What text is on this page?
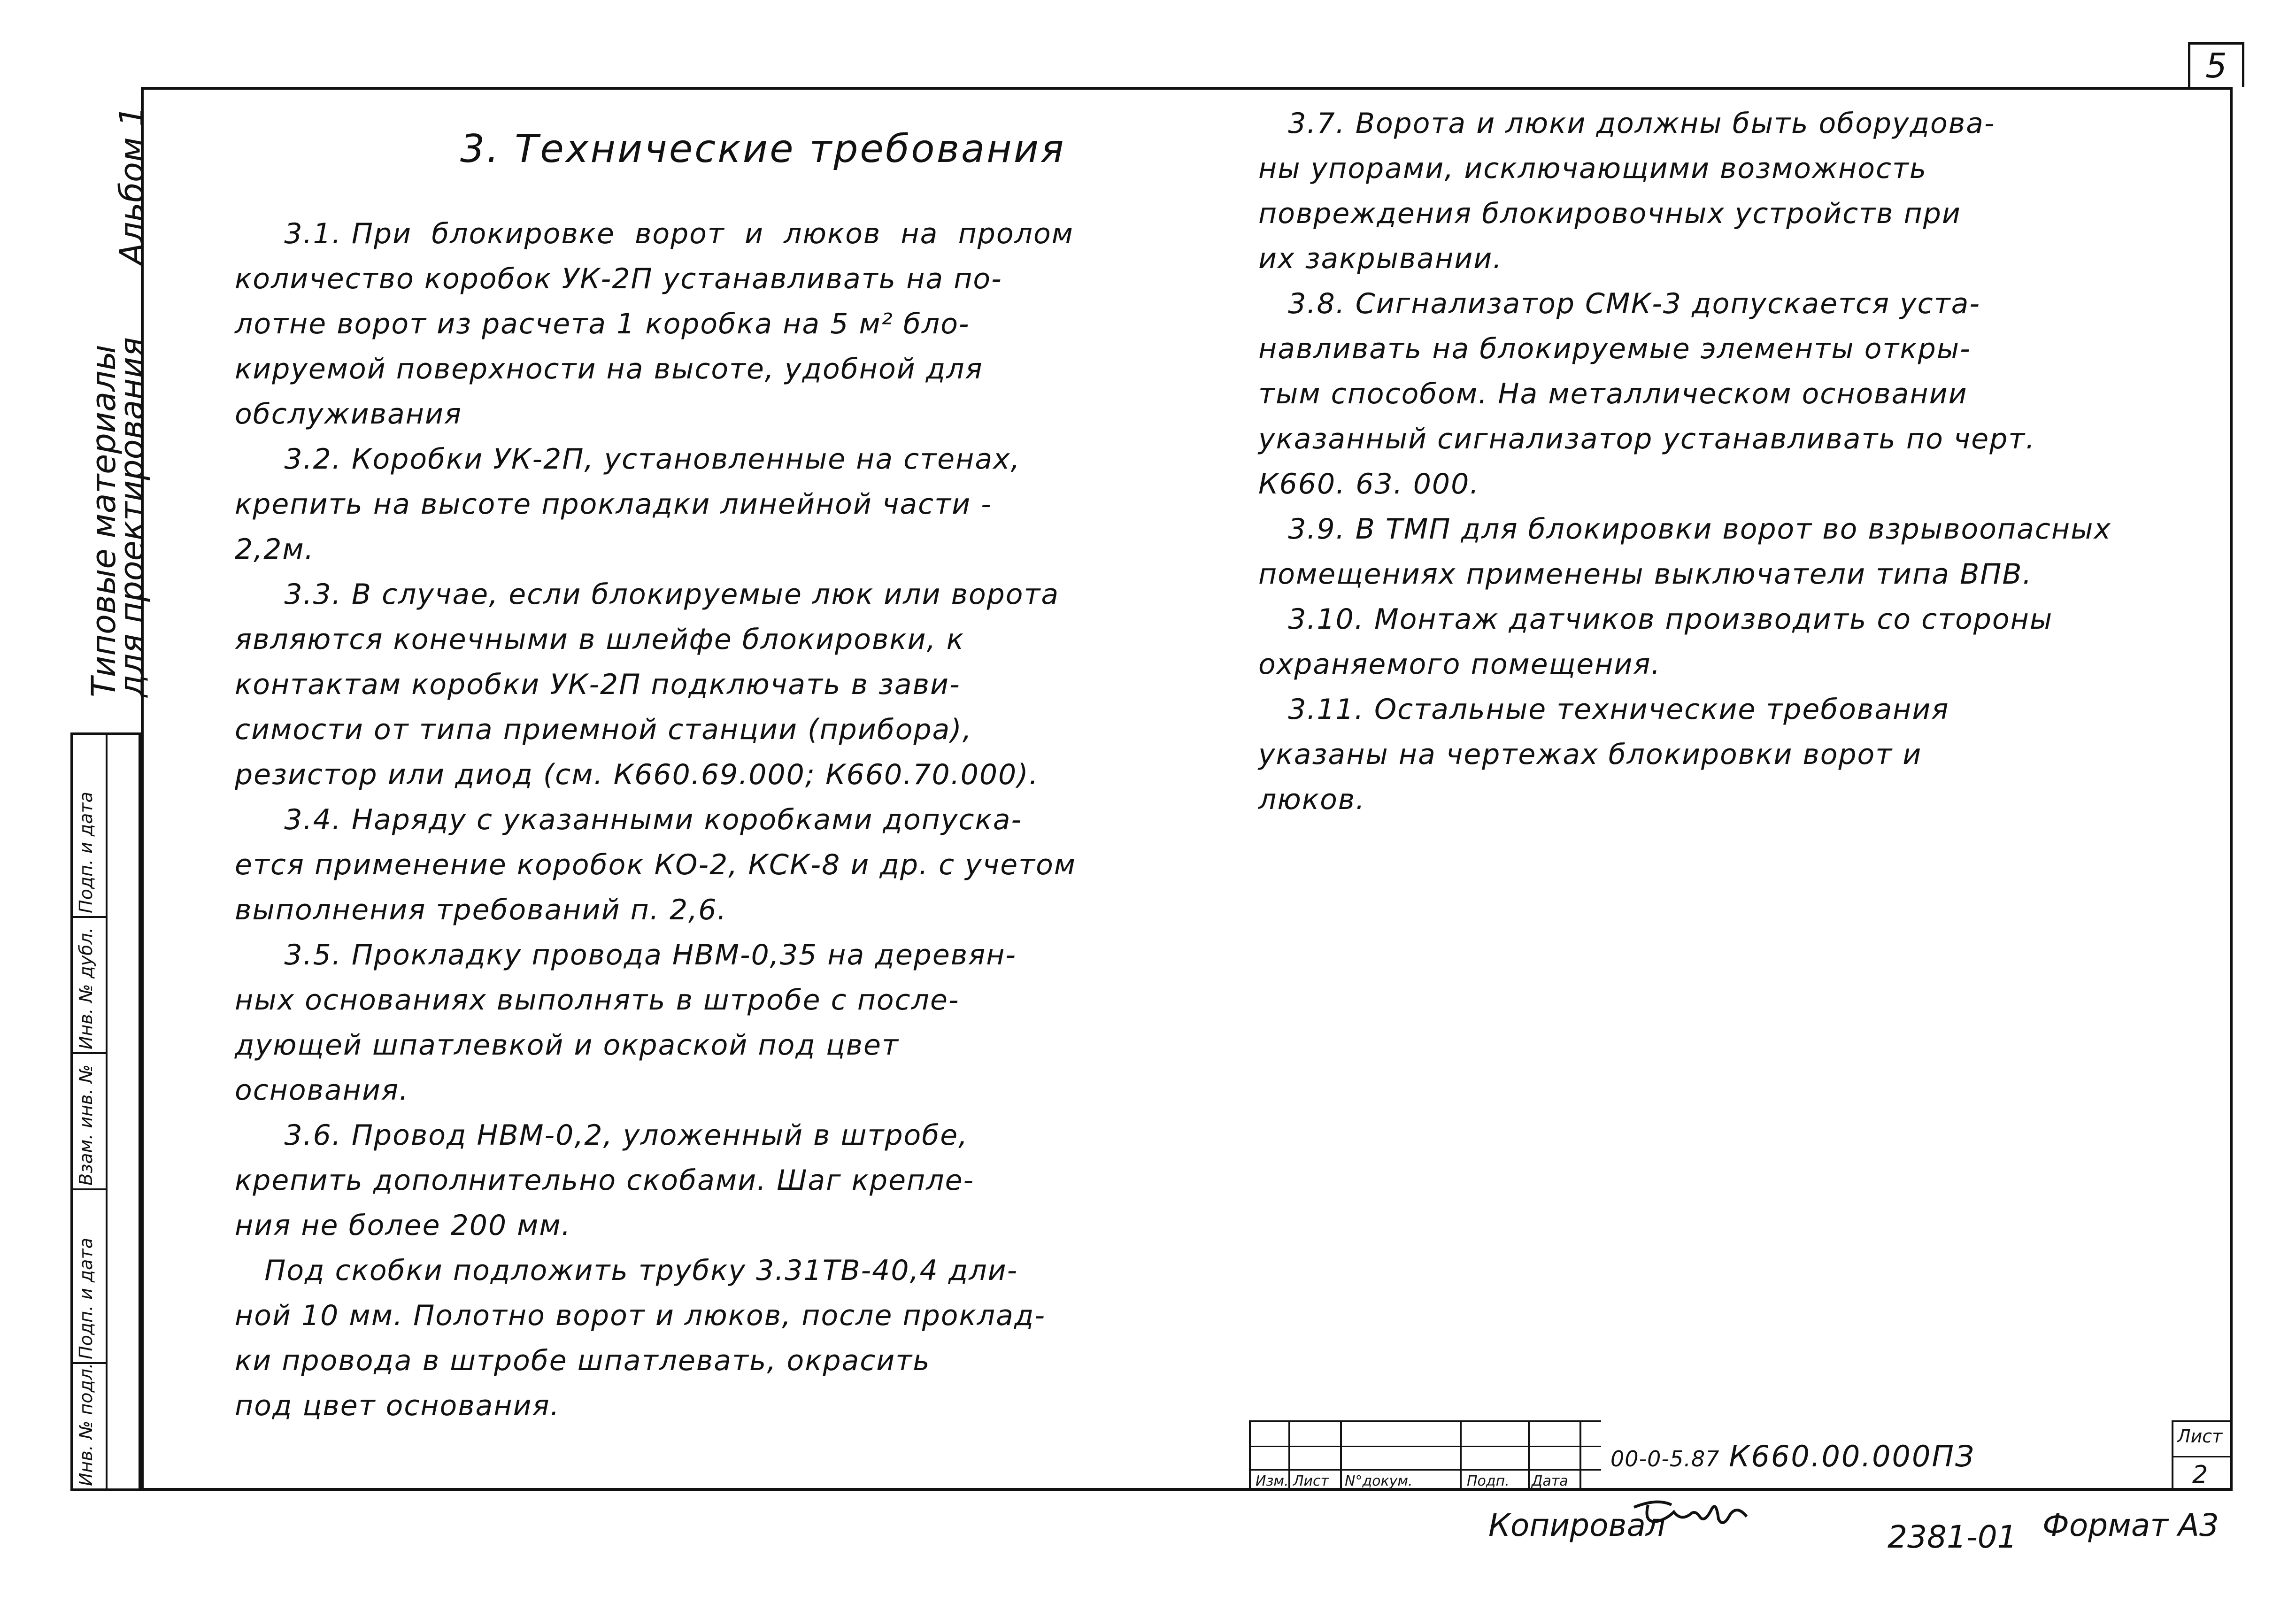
5
Типовые материалы
для проектирования
Альбом 1
Подп. и дата
Инв. № дубл.
Взам. инв. №
Подп. и дата
Инв. № подл.
3. Технические требования

3.1. При  блокировке  ворот  и  люков  на  пролом

количество коробок УК-2П устанавливать на по-

лотне ворот из расчета 1 коробка на 5 м² бло-

кируемой поверхности на высоте, удобной для

обслуживания

3.2. Коробки УК-2П, установленные на стенах,

крепить на высоте прокладки линейной части -

2,2м.

3.3. В случае, если блокируемые люк или ворота

являются конечными в шлейфе блокировки, к

контактам коробки УК-2П подключать в зави-

симости от типа приемной станции (прибора),

резистор или диод (см. К660.69.000; К660.70.000).

3.4. Наряду с указанными коробками допуска-

ется применение коробок КО-2, КСК-8 и др. с учетом

выполнения требований п. 2,6.

3.5. Прокладку провода НВМ-0,35 на деревян-

ных основаниях выполнять в штробе с после-

дующей шпатлевкой и окраской под цвет

основания.

3.6. Провод НВМ-0,2, уложенный в штробе,

крепить дополнительно скобами. Шаг крепле-

ния не более 200 мм.

Под скобки подложить трубку 3.31ТВ-40,4 дли-

ной 10 мм. Полотно ворот и люков, после проклад-

ки провода в штробе шпатлевать, окрасить

под цвет основания.

3.7. Ворота и люки должны быть оборудова-

ны упорами, исключающими возможность

повреждения блокировочных устройств при

их закрывании.

3.8. Сигнализатор СМК-3 допускается уста-

навливать на блокируемые элементы откры-

тым способом. На металлическом основании

указанный сигнализатор устанавливать по черт.

К660. 63. 000.

3.9. В ТМП для блокировки ворот во взрывоопасных

помещениях применены выключатели типа ВПВ.

3.10. Монтаж датчиков производить со стороны

охраняемого помещения.

3.11. Остальные технические требования

указаны на чертежах блокировки ворот и

люков.

Изм. Лист N°докум.	Подп. Дата
00-0-5.87 К660.00.000ПЗ
Лист
2
Копировал	2381-01 Формат А3
